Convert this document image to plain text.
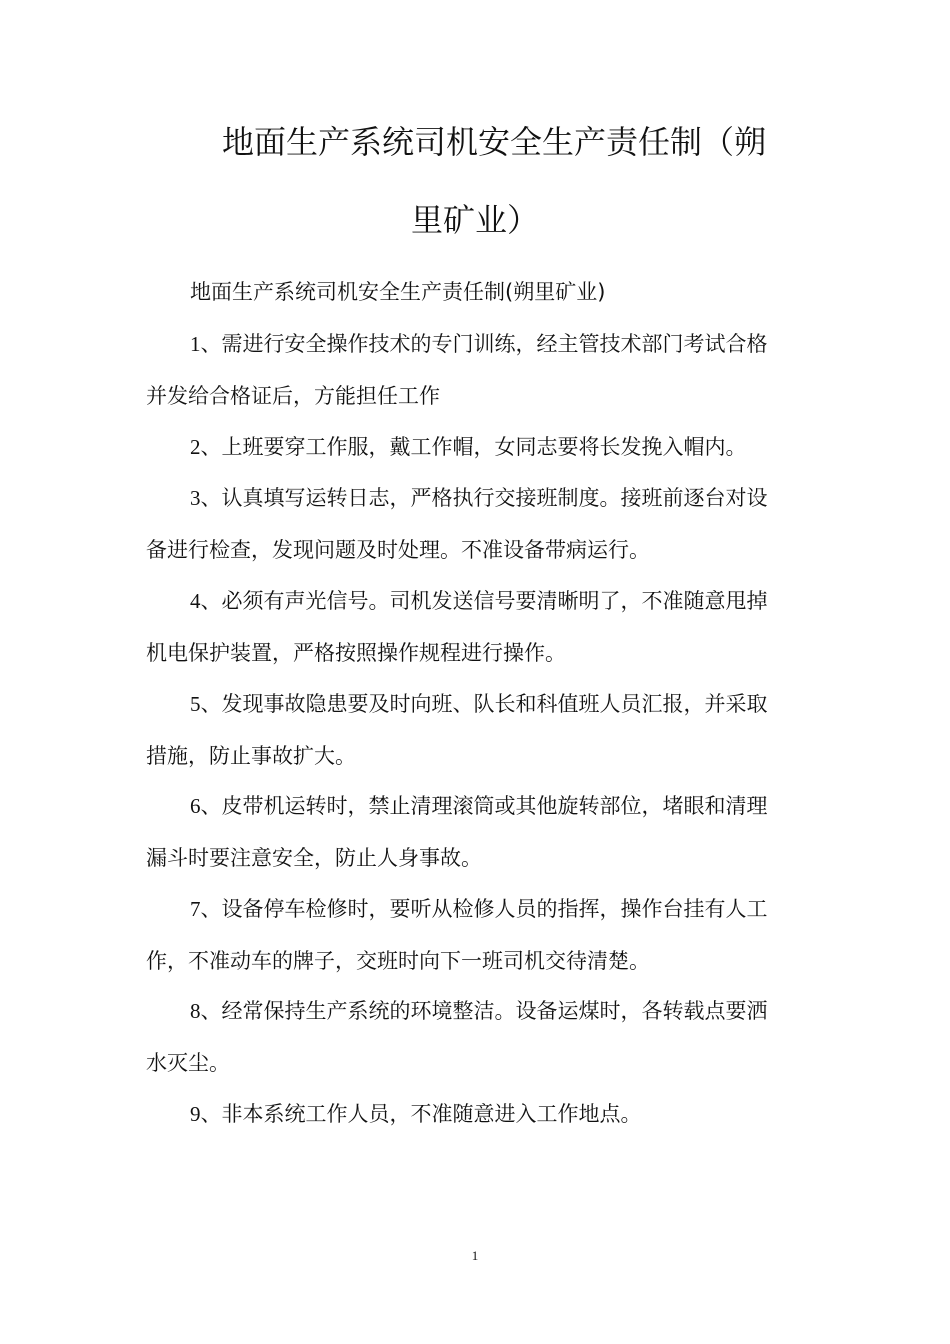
地面生产系统司机安全生产责任制（朔
里矿业）

地面生产系统司机安全生产责任制(朔里矿业)

1、需进行安全操作技术的专门训练，经主管技术部门考试合格
并发给合格证后，方能担任工作

2、上班要穿工作服，戴工作帽，女同志要将长发挽入帽内。

3、认真填写运转日志，严格执行交接班制度。接班前逐台对设
备进行检查，发现问题及时处理。不准设备带病运行。

4、必须有声光信号。司机发送信号要清晰明了，不准随意甩掉
机电保护装置，严格按照操作规程进行操作。

5、发现事故隐患要及时向班、队长和科值班人员汇报，并采取
措施，防止事故扩大。

6、皮带机运转时，禁止清理滚筒或其他旋转部位，堵眼和清理
漏斗时要注意安全，防止人身事故。

7、设备停车检修时，要听从检修人员的指挥，操作台挂有人工
作，不准动车的牌子，交班时向下一班司机交待清楚。

8、经常保持生产系统的环境整洁。设备运煤时，各转载点要洒
水灭尘。

9、非本系统工作人员，不准随意进入工作地点。

1
